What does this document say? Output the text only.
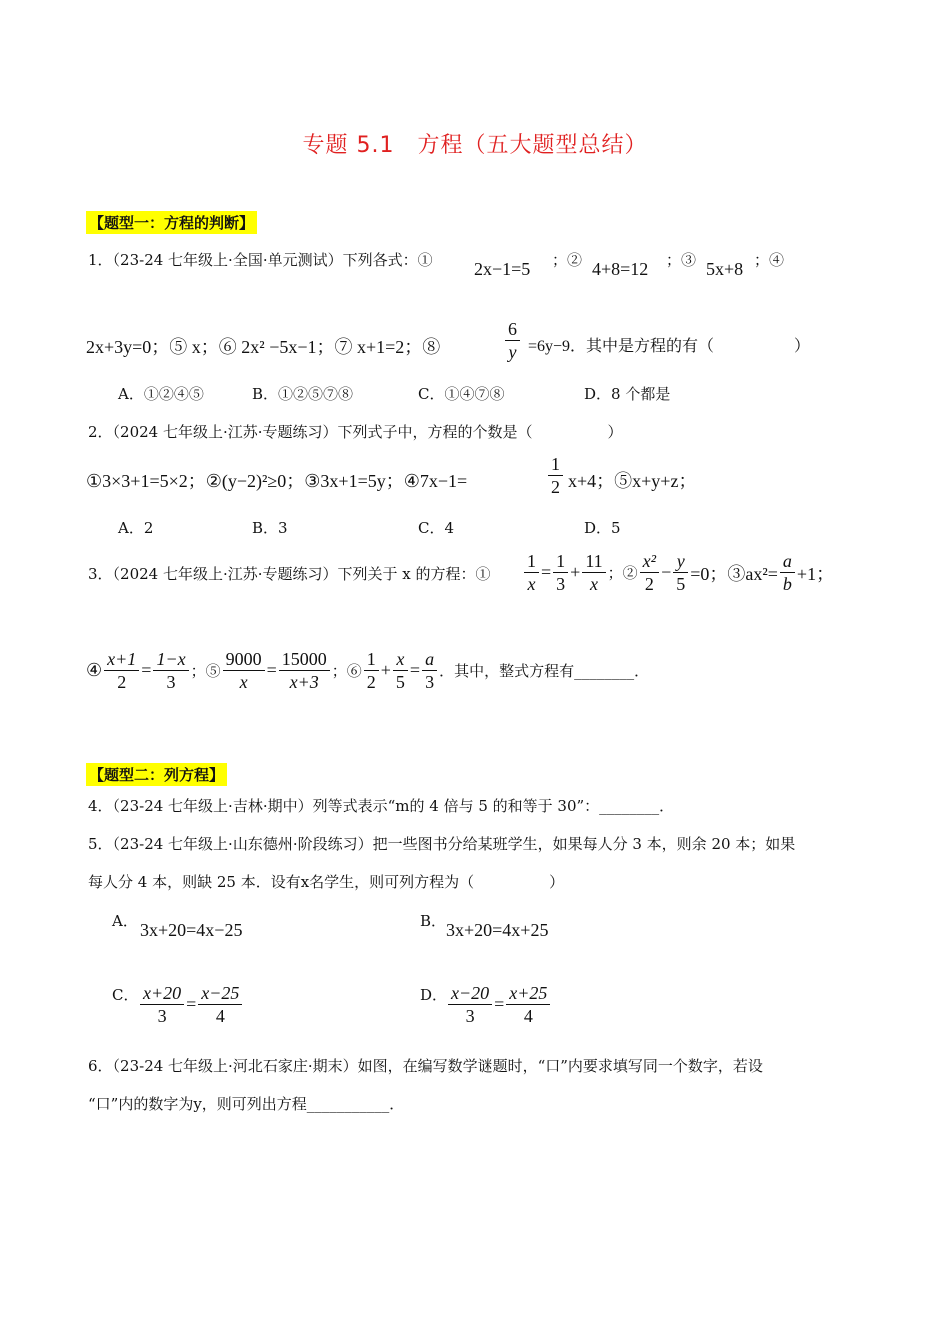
专题 5.1　方程（五大题型总结）
【题型一：方程的判断】
1．（23-24 七年级上·全国·单元测试）下列各式：① 2x−1=5 ；② 4+8=12 ；③ 5x+8 ；④
2x+3y=0；⑤ x；⑥ 2x² −5x−1；⑦ x+1=2；⑧	$\frac{6}{y} =6y-9$．其中是方程的有（　　　　　）
A．①②④⑤	B．①②⑤⑦⑧	C．①④⑦⑧	D．8 个都是
2．（2024 七年级上·江苏·专题练习）下列式子中，方程的个数是（　　　　　）
①3×3+1=5×2；②(y−2)²≥0；③3x+1=5y；④7x−1=	$\frac{1}{2} x+4$；⑤x+y+z；
A．2	B．3	C．4	D．5
3．（2024 七年级上·江苏·专题练习）下列关于 x 的方程：① $\frac{1}{x} = \frac{1}{3} + \frac{11}{x}$ ；② $\frac{\text{x²}}{2} - \frac{y}{5} =0$；③ax²= $\frac{a}{b} +1$；
④ $\frac{x+1}{2} = \frac{1-x}{3}$ ；⑤ $\frac{9000}{x} = \frac{15000}{x+3}$ ；⑥ $\frac{1}{2} + \frac{x}{5} = \frac{a}{3}$ ．其中，整式方程有________．
【题型二：列方程】
4．（23-24 七年级上·吉林·期中）列等式表示“m的 4 倍与 5 的和等于 30”：________．
5．（23-24 七年级上·山东德州·阶段练习）把一些图书分给某班学生，如果每人分 3 本，则余 20 本；如果
每人分 4 本，则缺 25 本．设有x名学生，则可列方程为（　　　　　）
A． 3x+20=4x−25	B． 3x+20=4x+25
C． $\frac{x+20}{3} = \frac{x-25}{4}$	D． $\frac{x-20}{3} = \frac{x+25}{4}$
6．（23-24 七年级上·河北石家庄·期末）如图，在编写数学谜题时，“口”内要求填写同一个数字，若设
“口”内的数字为y，则可列出方程___________．
